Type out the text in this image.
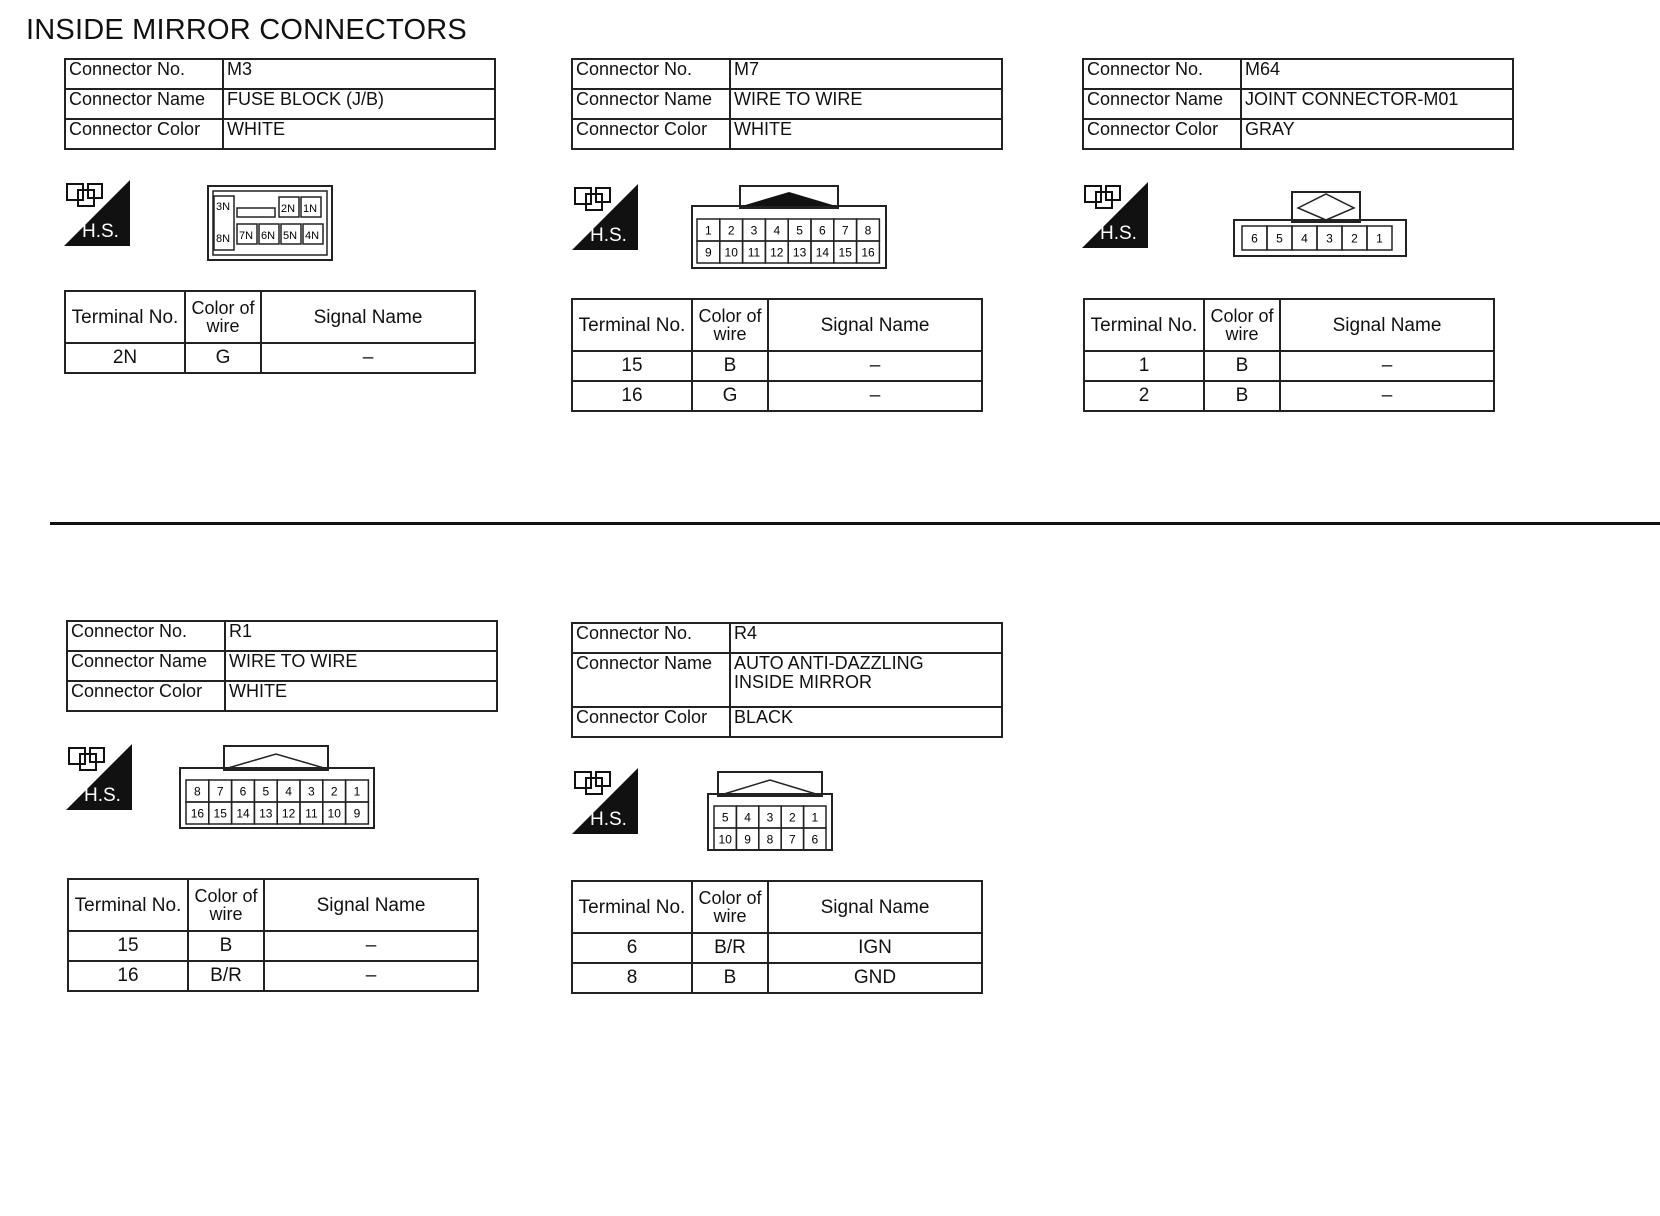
INSIDE MIRROR CONNECTORS
Connector No.	M3
Connector Name	FUSE BLOCK (J/B)
Connector Color	WHITE
H.S.
3N	2N 1N
8N 7N 6N 5N 4N
Terminal No.	Color of wire	Signal Name
2N	G	–
Connector No.	M7
Connector Name	WIRE TO WIRE
Connector Color	WHITE
H.S.	1 2 3 4 5 6 7 8
9 10 11 12 13 14 15 16
Terminal No.	Color of wire	Signal Name
15	B	–
16	G	–
Connector No.	M64
Connector Name	JOINT CONNECTOR-M01
Connector Color	GRAY
H.S.	6 5 4 3 2 1
Terminal No.	Color of wire	Signal Name
1	B	–
2	B	–
Connector No.	R1
Connector Name	WIRE TO WIRE
Connector Color	WHITE
H.S.	8 7 6 5 4 3 2 1
16 15 14 13 12 11 10 9
Terminal No.	Color of wire	Signal Name
15	B	–
16	B/R	–
Connector No.	R4
Connector Name	AUTO ANTI-DAZZLING INSIDE MIRROR
Connector Color	BLACK
H.S.	5 4 3 2 1
10 9 8 7 6
Terminal No.	Color of wire	Signal Name
6	B/R	IGN
8	B	GND
